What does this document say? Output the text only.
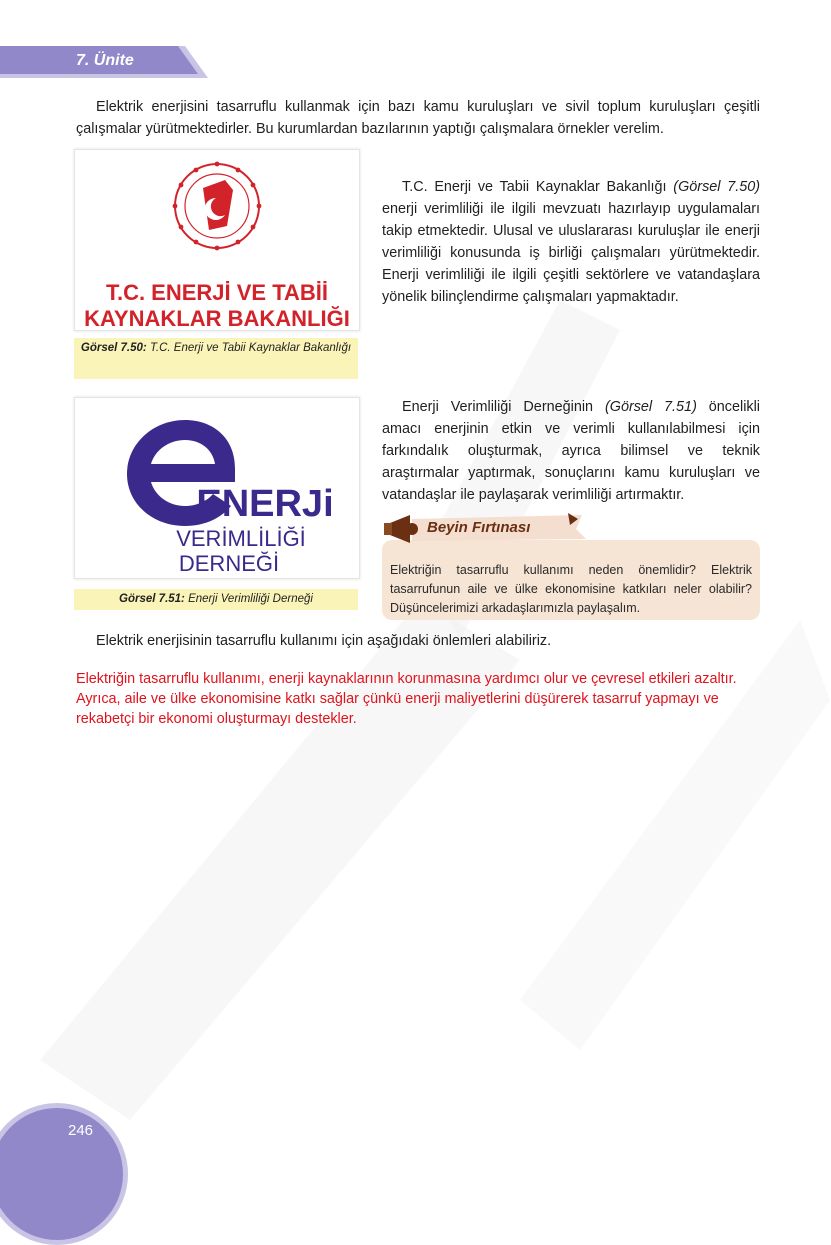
7. Ünite

Elektrik enerjisini tasarruflu kullanmak için bazı kamu kuruluşları ve sivil toplum kuruluşları çeşitli çalışmalar yürütmektedirler. Bu kurumlardan bazılarının yaptığı çalışmalara örnekler verelim.

T.C. ENERJİ VE TABİİ
KAYNAKLAR BAKANLIĞI
Görsel 7.50: T.C. Enerji ve Tabii Kaynaklar Bakanlığı

T.C. Enerji ve Tabii Kaynaklar Bakanlığı (Görsel 7.50) enerji verimliliği ile ilgili mevzuatı hazırlayıp uygulamaları takip etmektedir. Ulusal ve uluslararası kuruluşlar ile enerji verimliliği konusunda iş birliği çalışmaları yürütmektedir. Enerji verimliliği ile ilgili çeşitli sektörlere ve vatandaşlara yönelik bilinçlendirme çalışmaları yapmaktadır.

ENERJi
VERİMLİLİĞİ
DERNEĞİ
Görsel 7.51: Enerji Verimliliği Derneği

Enerji Verimliliği Derneğinin (Görsel 7.51) öncelikli amacı enerjinin etkin ve verimli kullanılabilmesi için farkındalık oluşturmak, ayrıca bilimsel ve teknik araştırmalar yaptırmak, sonuçlarını kamu kuruluşları ve vatandaşlar ile paylaşarak verimliliği artırmaktır.

Beyin Fırtınası

Elektriğin tasarruflu kullanımı neden önemlidir? Elektrik tasarrufunun aile ve ülke ekonomisine katkıları neler olabilir? Düşüncelerimizi arkadaşlarımızla paylaşalım.

Elektrik enerjisinin tasarruflu kullanımı için aşağıdaki önlemleri alabiliriz.

Elektriğin tasarruflu kullanımı, enerji kaynaklarının korunmasına yardımcı olur ve çevresel etkileri azaltır. Ayrıca, aile ve ülke ekonomisine katkı sağlar çünkü enerji maliyetlerini düşürerek tasarruf yapmayı ve rekabetçi bir ekonomi oluşturmayı destekler.

246
